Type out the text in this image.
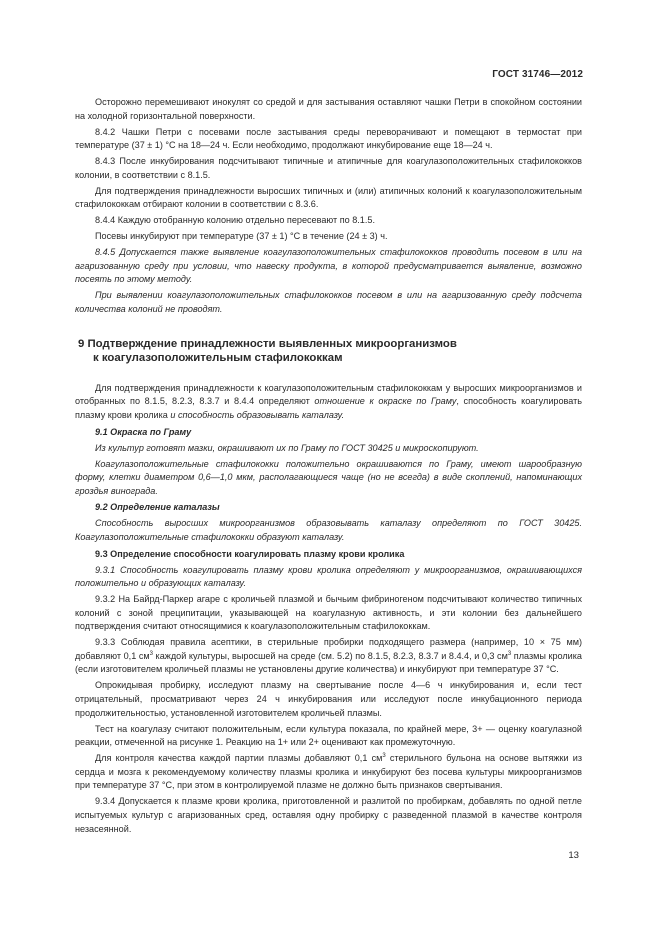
ГОСТ 31746—2012

Осторожно перемешивают инокулят со средой и для застывания оставляют чашки Петри в спокойном состоянии на холодной горизонтальной поверхности.

8.4.2 Чашки Петри с посевами после застывания среды переворачивают и помещают в термостат при температуре (37 ± 1) °С на 18—24 ч. Если необходимо, продолжают инкубирование еще 18—24 ч.

8.4.3 После инкубирования подсчитывают типичные и атипичные для коагулазоположительных стафилококков колонии, в соответствии с 8.1.5.

Для подтверждения принадлежности выросших типичных и (или) атипичных колоний к коагулазоположительным стафилококкам отбирают колонии в соответствии с 8.3.6.

8.4.4 Каждую отобранную колонию отдельно пересевают по 8.1.5.

Посевы инкубируют при температуре (37 ± 1) °С в течение (24 ± 3) ч.

8.4.5 Допускается также выявление коагулазоположительных стафилококков проводить посевом в или на агаризованную среду при условии, что навеску продукта, в которой предусматривается выявление, возможно посеять по этому методу.

При выявлении коагулазоположительных стафилококков посевом в или на агаризованную среду подсчета количества колоний не проводят.

9 Подтверждение принадлежности выявленных микроорганизмов
к коагулазоположительным стафилококкам

Для подтверждения принадлежности к коагулазоположительным стафилококкам у выросших микроорганизмов и отобранных по 8.1.5, 8.2.3, 8.3.7 и 8.4.4 определяют отношение к окраске по Граму, способность коагулировать плазму крови кролика и способность образовывать каталазу.

9.1 Окраска по Граму

Из культур готовят мазки, окрашивают их по Граму по ГОСТ 30425 и микроскопируют.

Коагулазоположительные стафилококки положительно окрашиваются по Граму, имеют шарообразную форму, клетки диаметром 0,6—1,0 мкм, располагающиеся чаще (но не всегда) в виде скоплений, напоминающих гроздья винограда.

9.2 Определение каталазы

Способность выросших микроорганизмов образовывать каталазу определяют по ГОСТ 30425. Коагулазоположительные стафилококки образуют каталазу.

9.3 Определение способности коагулировать плазму крови кролика

9.3.1 Способность коагулировать плазму крови кролика определяют у микроорганизмов, окрашивающихся положительно и образующих каталазу.

9.3.2 На Байрд-Паркер агаре с кроличьей плазмой и бычьим фибриногеном подсчитывают количество типичных колоний с зоной преципитации, указывающей на коагулазную активность, и эти колонии без дальнейшего подтверждения считают относящимися к коагулазоположительным стафилококкам.

9.3.3 Соблюдая правила асептики, в стерильные пробирки подходящего размера (например, 10 × 75 мм) добавляют 0,1 $см^3$ каждой культуры, выросшей на среде (см. 5.2) по 8.1.5, 8.2.3, 8.3.7 и 8.4.4, и 0,3 $см^3$ плазмы кролика (если изготовителем кроличьей плазмы не установлены другие количества) и инкубируют при температуре 37 °С.

Опрокидывая пробирку, исследуют плазму на свертывание после 4—6 ч инкубирования и, если тест отрицательный, просматривают через 24 ч инкубирования или исследуют после инкубационного периода продолжительностью, установленной изготовителем кроличьей плазмы.

Тест на коагулазу считают положительным, если культура показала, по крайней мере, 3+ — оценку коагулазной реакции, отмеченной на рисунке 1. Реакцию на 1+ или 2+ оценивают как промежуточную.

Для контроля качества каждой партии плазмы добавляют 0,1 $см^3$ стерильного бульона на основе вытяжки из сердца и мозга к рекомендуемому количеству плазмы кролика и инкубируют без посева культуры микроорганизмов при температуре 37 °С, при этом в контролируемой плазме не должно быть признаков свертывания.

9.3.4 Допускается к плазме крови кролика, приготовленной и разлитой по пробиркам, добавлять по одной петле испытуемых культур с агаризованных сред, оставляя одну пробирку с разведенной плазмой в качестве контроля незасеянной.

13
